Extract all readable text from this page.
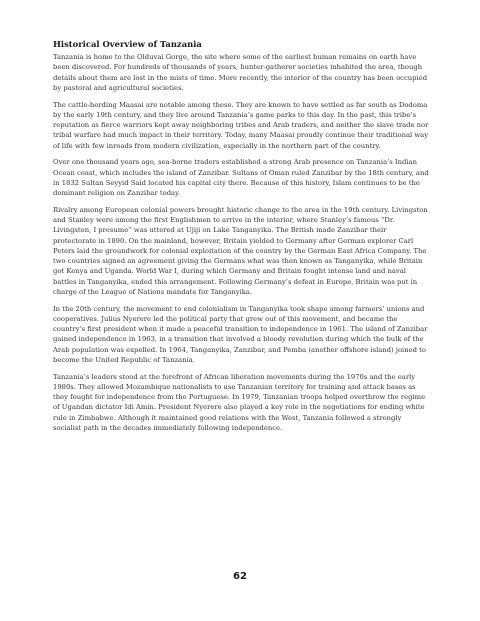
Historical Overview of Tanzania

Tanzania is home to the Olduvai Gorge, the site where some of the earliest human remains on earth have been discovered. For hundreds of thousands of years, hunter-gatherer societies inhabited the area, though details about them are lost in the mists of time. More recently, the interior of the country has been occupied by pastoral and agricultural societies.

The cattle-herding Maasai are notable among these. They are known to have settled as far south as Dodoma by the early 19th century, and they live around Tanzania’s game parks to this day. In the past, this tribe’s reputation as fierce warriors kept away neighboring tribes and Arab traders, and neither the slave trade nor tribal warfare had much impact in their territory. Today, many Maasai proudly continue their traditional way of life with few inroads from modern civilization, especially in the northern part of the country.

Over one thousand years ago, sea-borne traders established a strong Arab presence on Tanzania’s Indian Ocean coast, which includes the island of Zanzibar. Sultans of Oman ruled Zanzibar by the 18th century, and in 1832 Sultan Seyyid Said located his capital city there. Because of this history, Islam continues to be the dominant religion on Zanzibar today.

Rivalry among European colonial powers brought historic change to the area in the 19th century. Livingston and Stanley were among the first Englishmen to arrive in the interior, where Stanley’s famous “Dr. Livingston, I presume” was uttered at Ujiji on Lake Tanganyika. The British made Zanzibar their protectorate in 1890. On the mainland, however, Britain yielded to Germany after German explorer Carl Peters laid the groundwork for colonial exploitation of the country by the German East Africa Company. The two countries signed an agreement giving the Germans what was then known as Tanganyika, while Britain got Kenya and Uganda. World War I, during which Germany and Britain fought intense land and naval battles in Tanganyika, ended this arrangement. Following Germany’s defeat in Europe, Britain was put in charge of the League of Nations mandate for Tanganyika.

In the 20th century, the movement to end colonialism in Tanganyika took shape among farmers’ unions and cooperatives. Julius Nyerere led the political party that grew out of this movement, and became the country’s first president when it made a peaceful transition to independence in 1961. The island of Zanzibar gained independence in 1963, in a transition that involved a bloody revolution during which the bulk of the Arab population was expelled. In 1964, Tanganyika, Zanzibar, and Pemba (another offshore island) joined to become the United Republic of Tanzania.

Tanzania’s leaders stood at the forefront of African liberation movements during the 1970s and the early 1980s. They allowed Mozambique nationalists to use Tanzanian territory for training and attack bases as they fought for independence from the Portuguese. In 1979, Tanzanian troops helped overthrow the regime of Ugandan dictator Idi Amin. President Nyerere also played a key role in the negotiations for ending white rule in Zimbabwe. Although it maintained good relations with the West, Tanzania followed a strongly socialist path in the decades immediately following independence.

62
